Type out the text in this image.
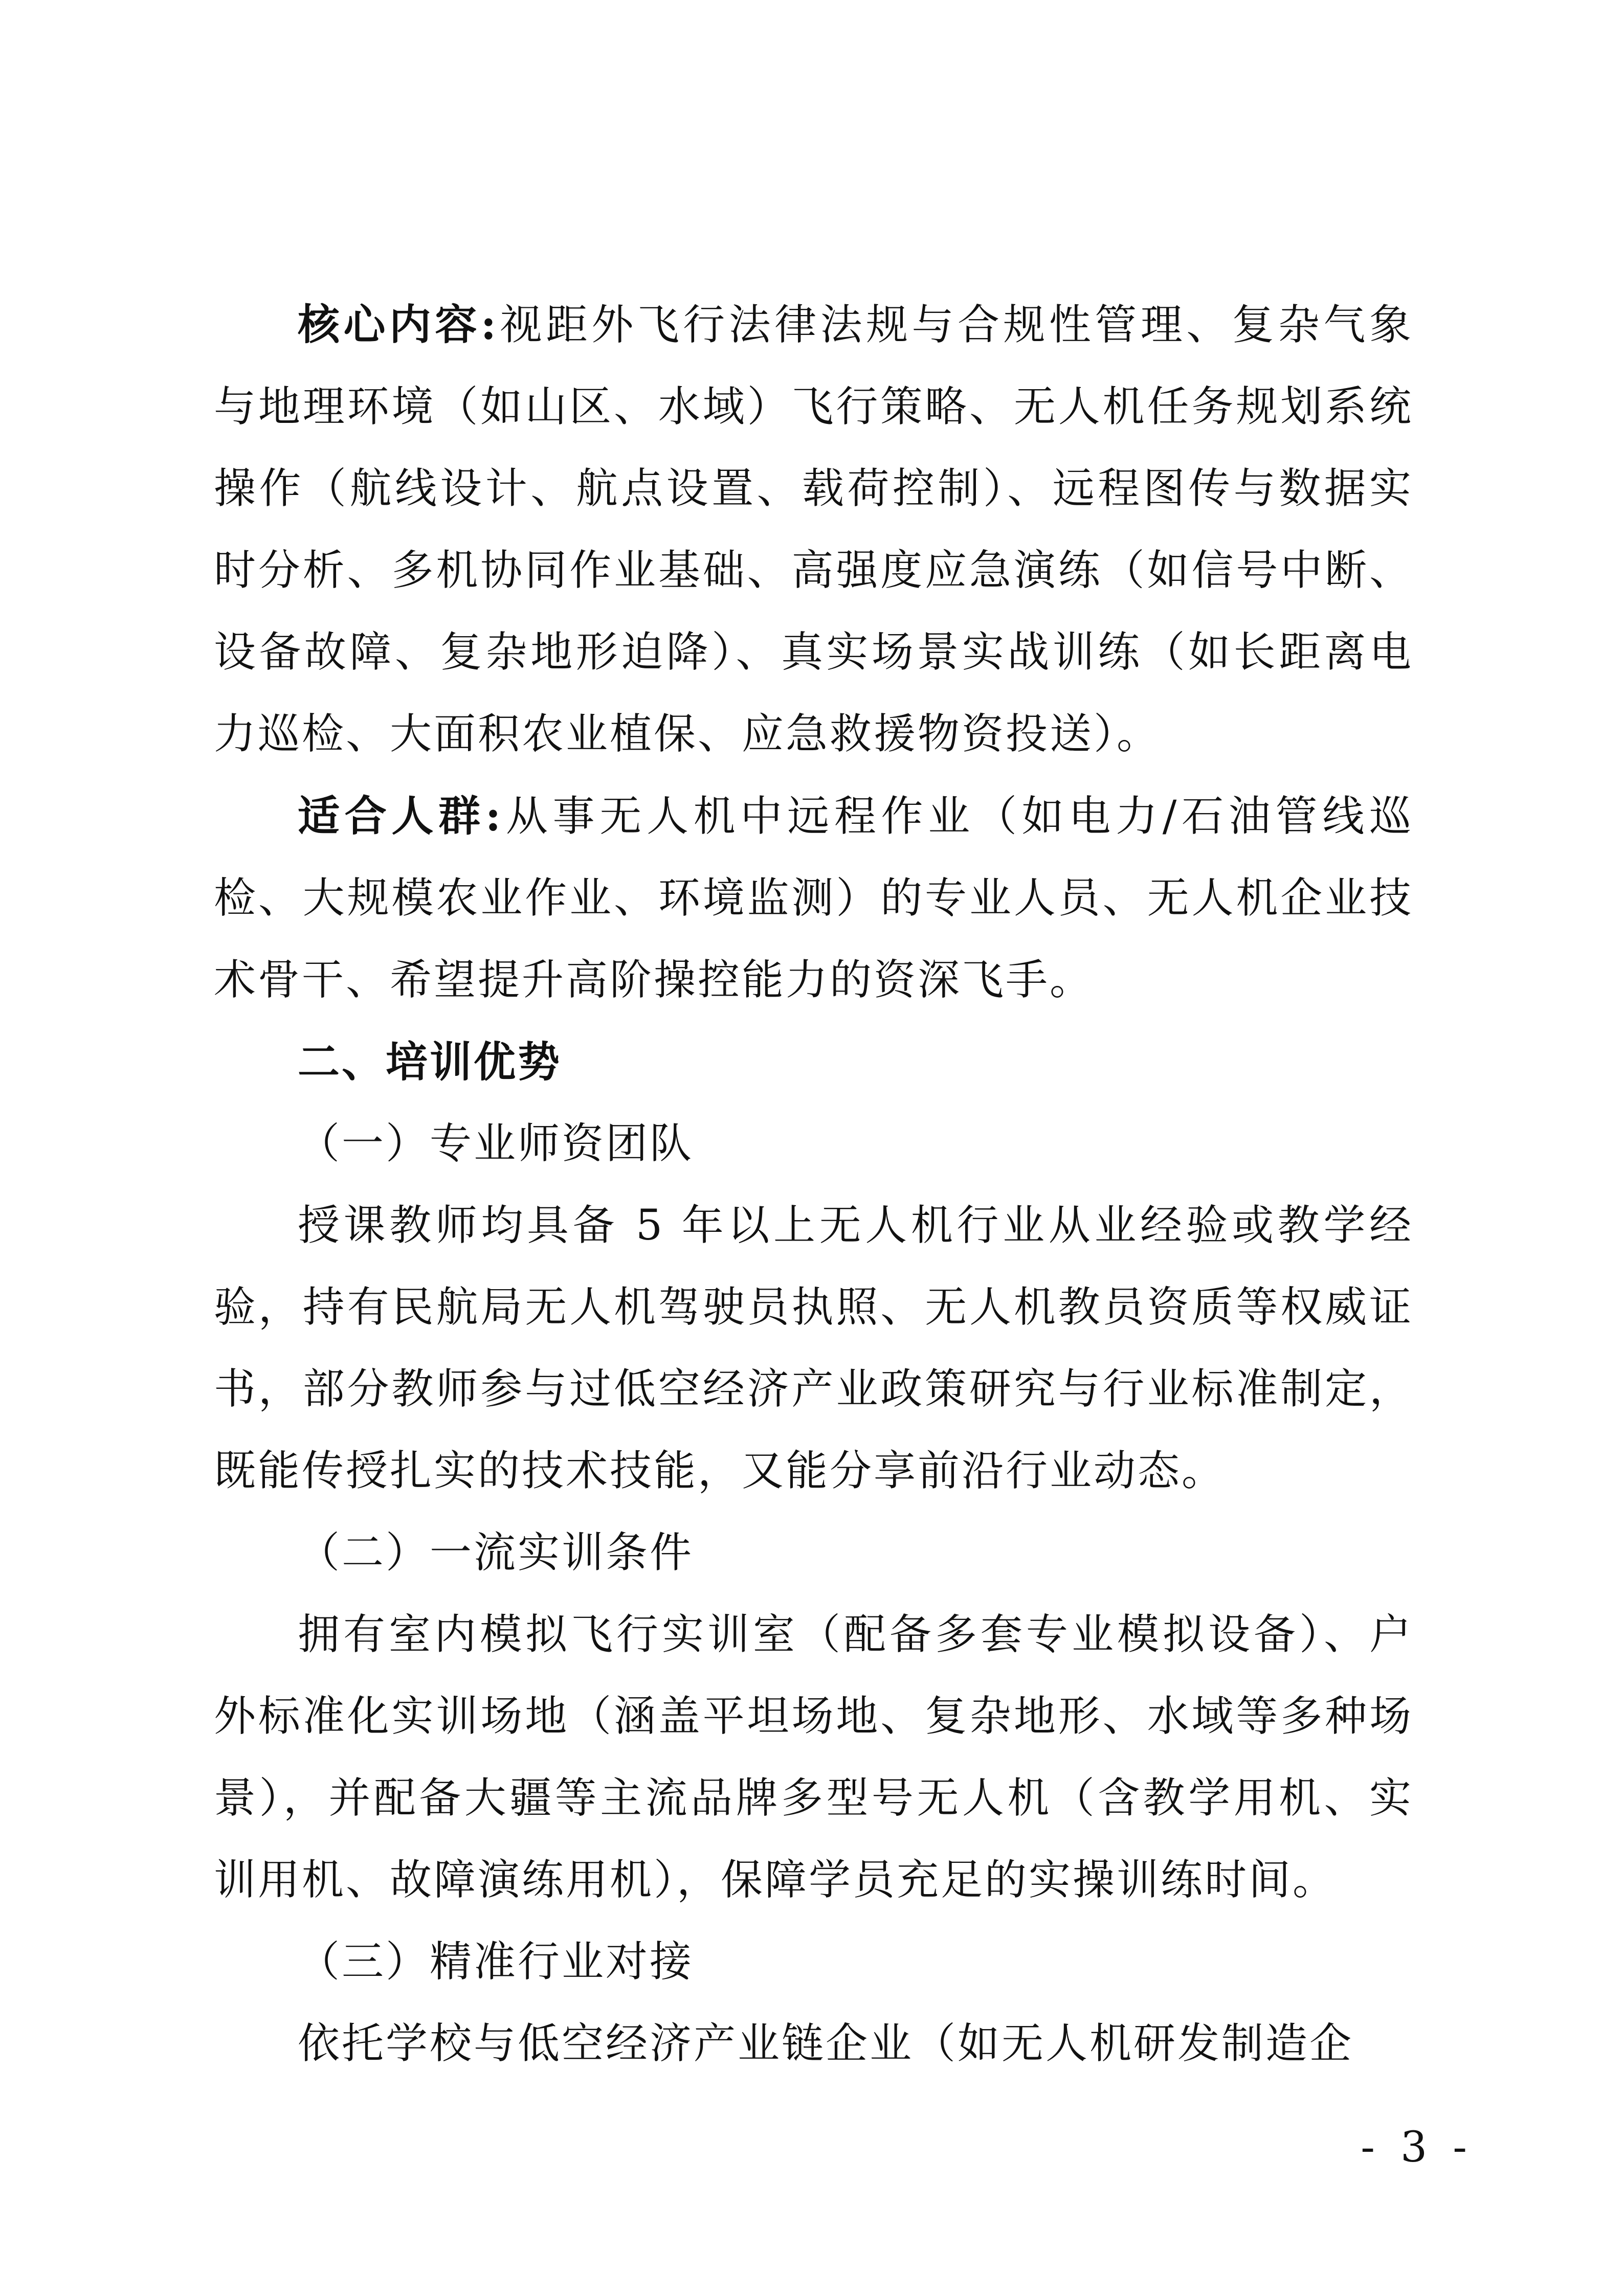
核心内容:视距外飞行法律法规与合规性管理、复杂气象与地理环境（如山区、水域）飞行策略、无人机任务规划系统操作（航线设计、航点设置、载荷控制）、远程图传与数据实时分析、多机协同作业基础、高强度应急演练（如信号中断、设备故障、复杂地形迫降）、真实场景实战训练（如长距离电力巡检、大面积农业植保、应急救援物资投送）。

适合人群:从事无人机中远程作业（如电力/石油管线巡检、大规模农业作业、环境监测）的专业人员、无人机企业技术骨干、希望提升高阶操控能力的资深飞手。

二、培训优势

（一）专业师资团队

授课教师均具备 5 年以上无人机行业从业经验或教学经验，持有民航局无人机驾驶员执照、无人机教员资质等权威证书，部分教师参与过低空经济产业政策研究与行业标准制定，既能传授扎实的技术技能，又能分享前沿行业动态。

（二）一流实训条件

拥有室内模拟飞行实训室（配备多套专业模拟设备）、户外标准化实训场地（涵盖平坦场地、复杂地形、水域等多种场景），并配备大疆等主流品牌多型号无人机（含教学用机、实训用机、故障演练用机），保障学员充足的实操训练时间。

（三）精准行业对接

依托学校与低空经济产业链企业（如无人机研发制造企

- 3 -
